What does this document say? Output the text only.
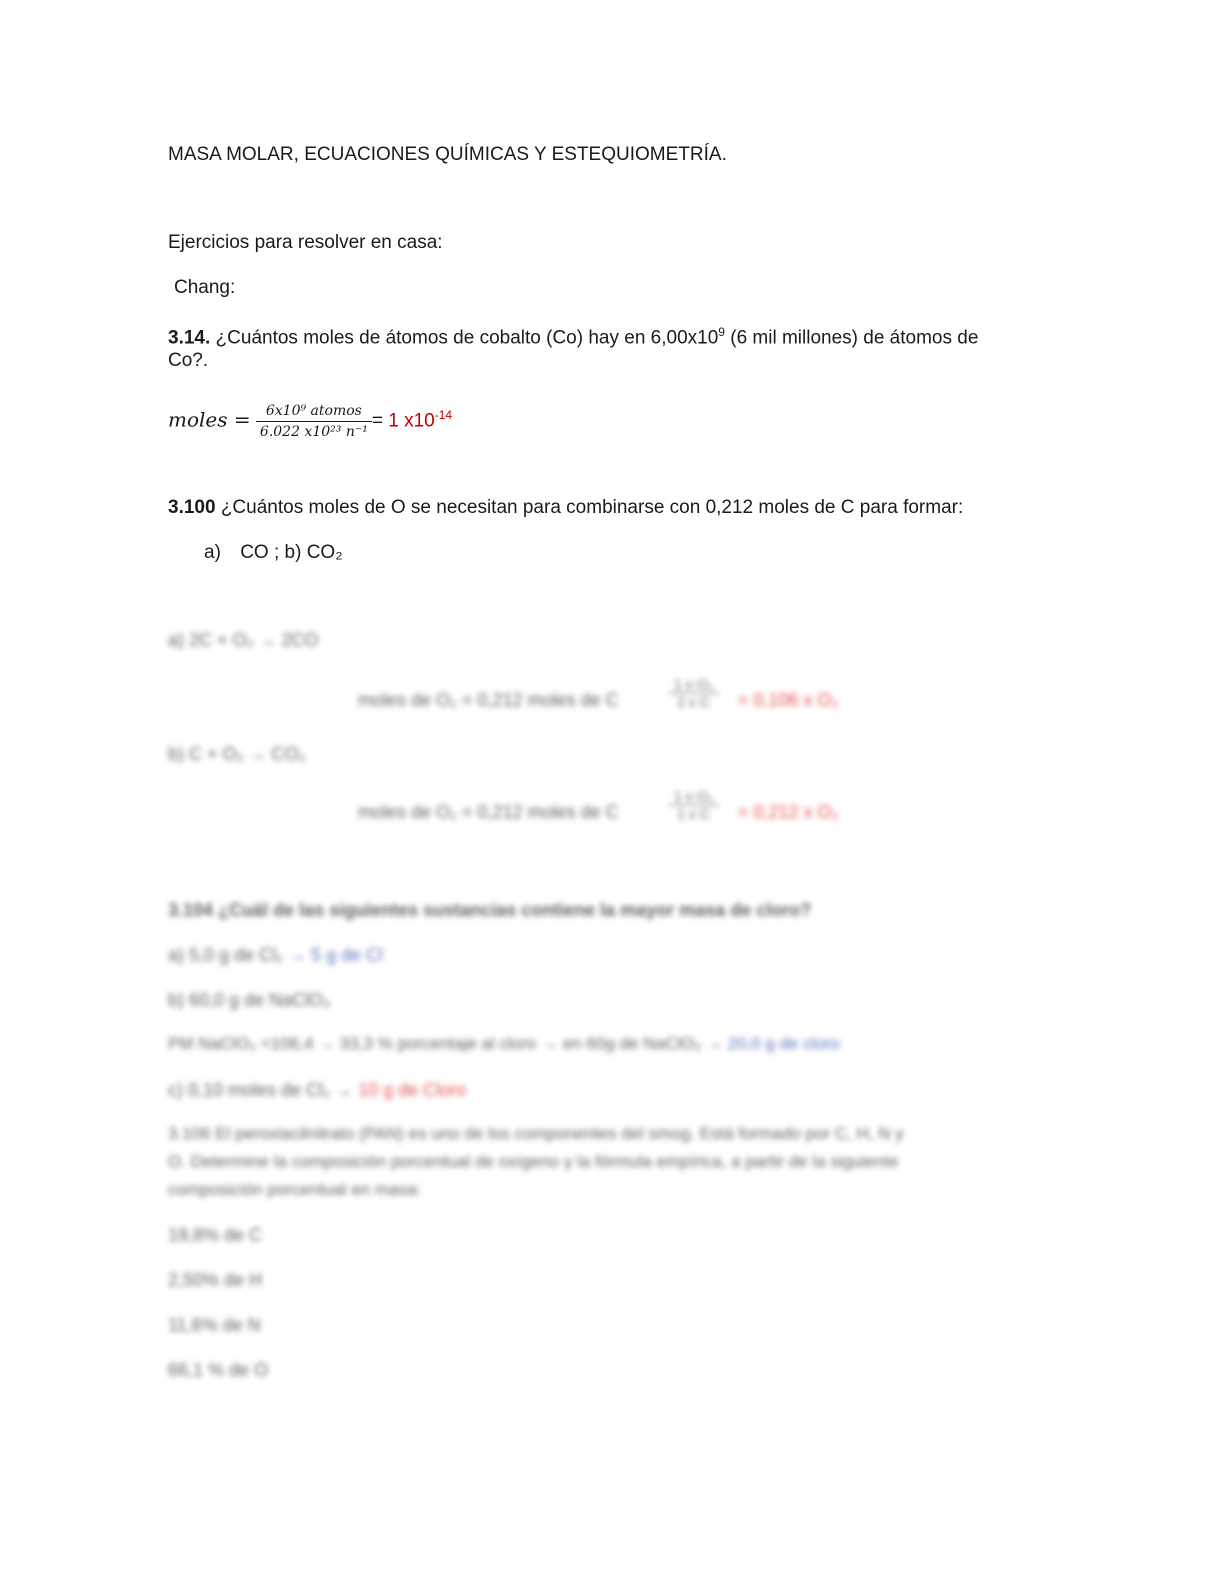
MASA MOLAR, ECUACIONES QUÍMICAS Y ESTEQUIOMETRÍA.
Ejercicios para resolver en casa:
Chang:
3.14. ¿Cuántos moles de átomos de cobalto (Co) hay en $6,00x10^9$ (6 mil millones) de átomos de
Co?.
moles = $\frac{\text{6x10⁹ atomos}}{\text{6.022 x10²³ n⁻¹}} = 1$ $x10^{-14}$
3.100 ¿Cuántos moles de O se necesitan para combinarse con 0,212 moles de C para formar:
a) CO ; b) CO₂
a) 2C + O₂ → 2CO
moles de O₂ = 0,212 moles de C	$\frac{\text{1 x O₂}}{\text{2 x C}} = 0,106$ x O₂
b) C + O₂ → CO₂
moles de O₂ = 0,212 moles de C	$\frac{\text{1 x O₂}}{\text{1 x C}} = 0,212$ x O₂
3.104 ¿Cuál de las siguientes sustancias contiene la mayor masa de cloro?
a) 5,0 g de Cl₂ → 5 g de Cl
b) 60,0 g de NaClO₃
PM NaClO₃ =106,4 → 33,3 % porcentaje al cloro → en 60g de NaClO₃ → 20,0 g de cloro
c) 0,10 moles de Cl₂ → 10 g de Cloro
3.106 El peroxiacilnitrato (PAN) es uno de los componentes del smog. Está formado por C, H, N y
O. Determine la composición porcentual de oxígeno y la fórmula empírica, a partir de la siguiente
composición porcentual en masa:
19,8% de C
2,50% de H
11,6% de N
66,1 % de O
